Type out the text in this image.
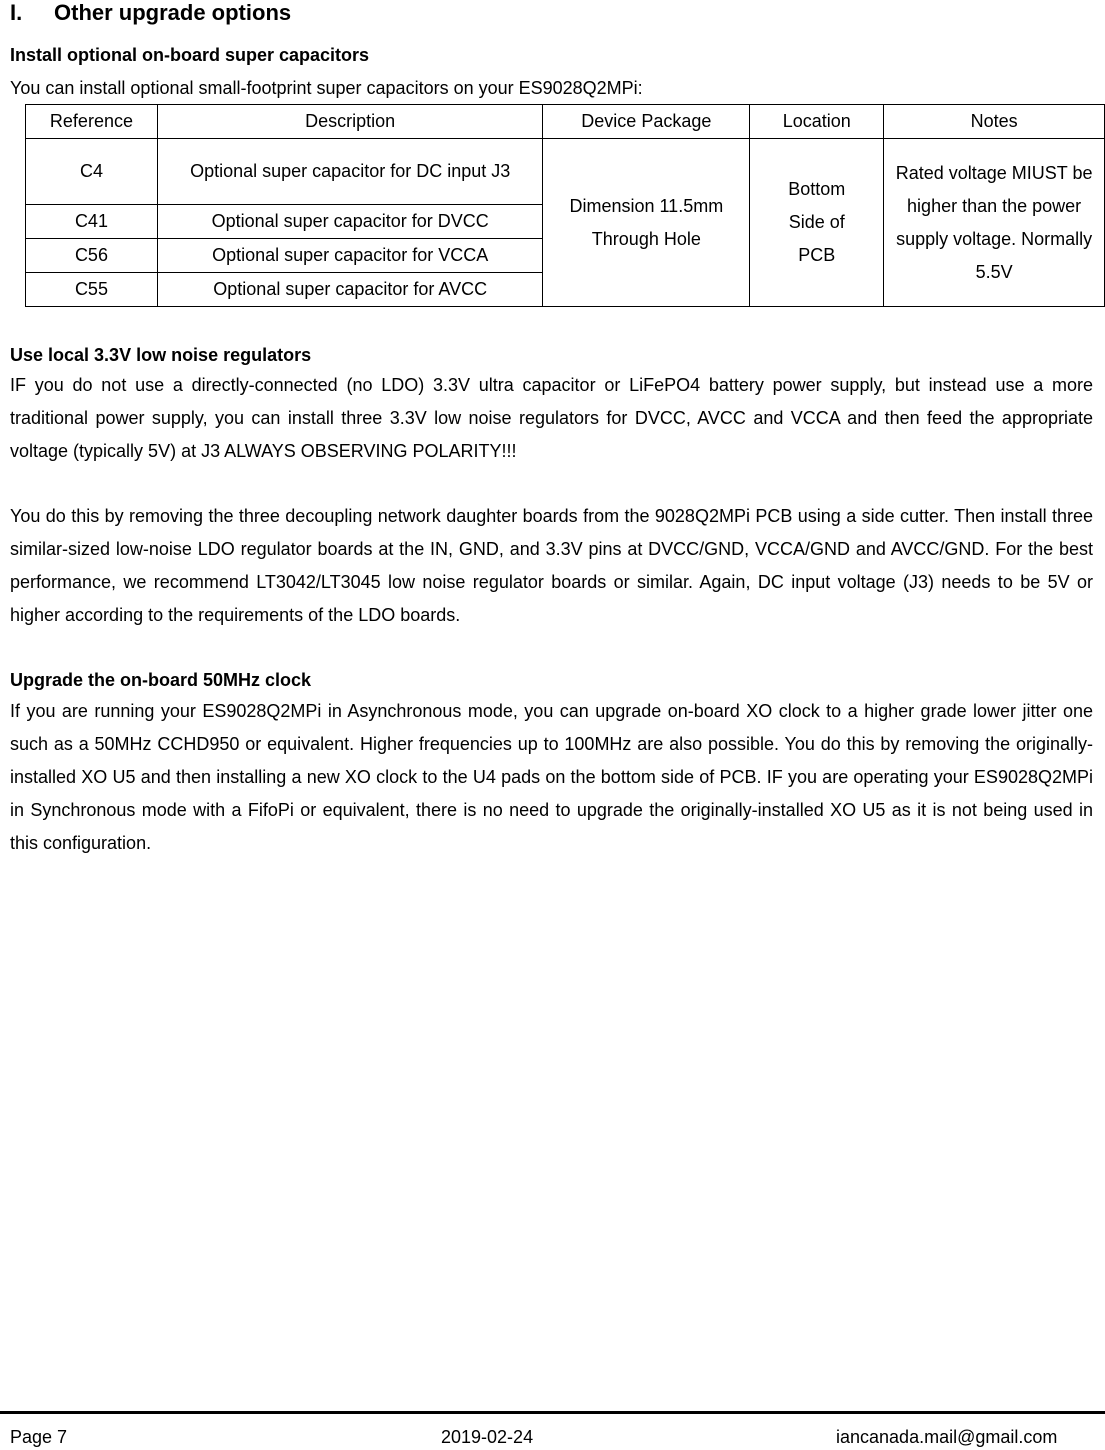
I. Other upgrade options
Install optional on-board super capacitors
You can install optional small-footprint super capacitors on your ES9028Q2MPi:
Reference	Description	Device Package	Location	Notes
C4	Optional super capacitor for DC input J3	Dimension 11.5mm Through Hole	Bottom Side of PCB	Rated voltage MIUST be higher than the power supply voltage. Normally 5.5V
C41	Optional super capacitor for DVCC			
C56	Optional super capacitor for VCCA			
C55	Optional super capacitor for AVCC			
Use local 3.3V low noise regulators
IF you do not use a directly-connected (no LDO) 3.3V ultra capacitor or LiFePO4 battery power supply, but instead use a more traditional power supply, you can install three 3.3V low noise regulators for DVCC, AVCC and VCCA and then feed the appropriate voltage (typically 5V) at J3 ALWAYS OBSERVING POLARITY!!!
You do this by removing the three decoupling network daughter boards from the 9028Q2MPi PCB using a side cutter. Then install three similar-sized low-noise LDO regulator boards at the IN, GND, and 3.3V pins at DVCC/GND, VCCA/GND and AVCC/GND. For the best performance, we recommend LT3042/LT3045 low noise regulator boards or similar. Again, DC input voltage (J3) needs to be 5V or higher according to the requirements of the LDO boards.
Upgrade the on-board 50MHz clock
If you are running your ES9028Q2MPi in Asynchronous mode, you can upgrade on-board XO clock to a higher grade lower jitter one such as a 50MHz CCHD950 or equivalent. Higher frequencies up to 100MHz are also possible. You do this by removing the originally-installed XO U5 and then installing a new XO clock to the U4 pads on the bottom side of PCB. IF you are operating your ES9028Q2MPi in Synchronous mode with a FifoPi or equivalent, there is no need to upgrade the originally-installed XO U5 as it is not being used in this configuration.
Page 7	2019-02-24	iancanada.mail@gmail.com
